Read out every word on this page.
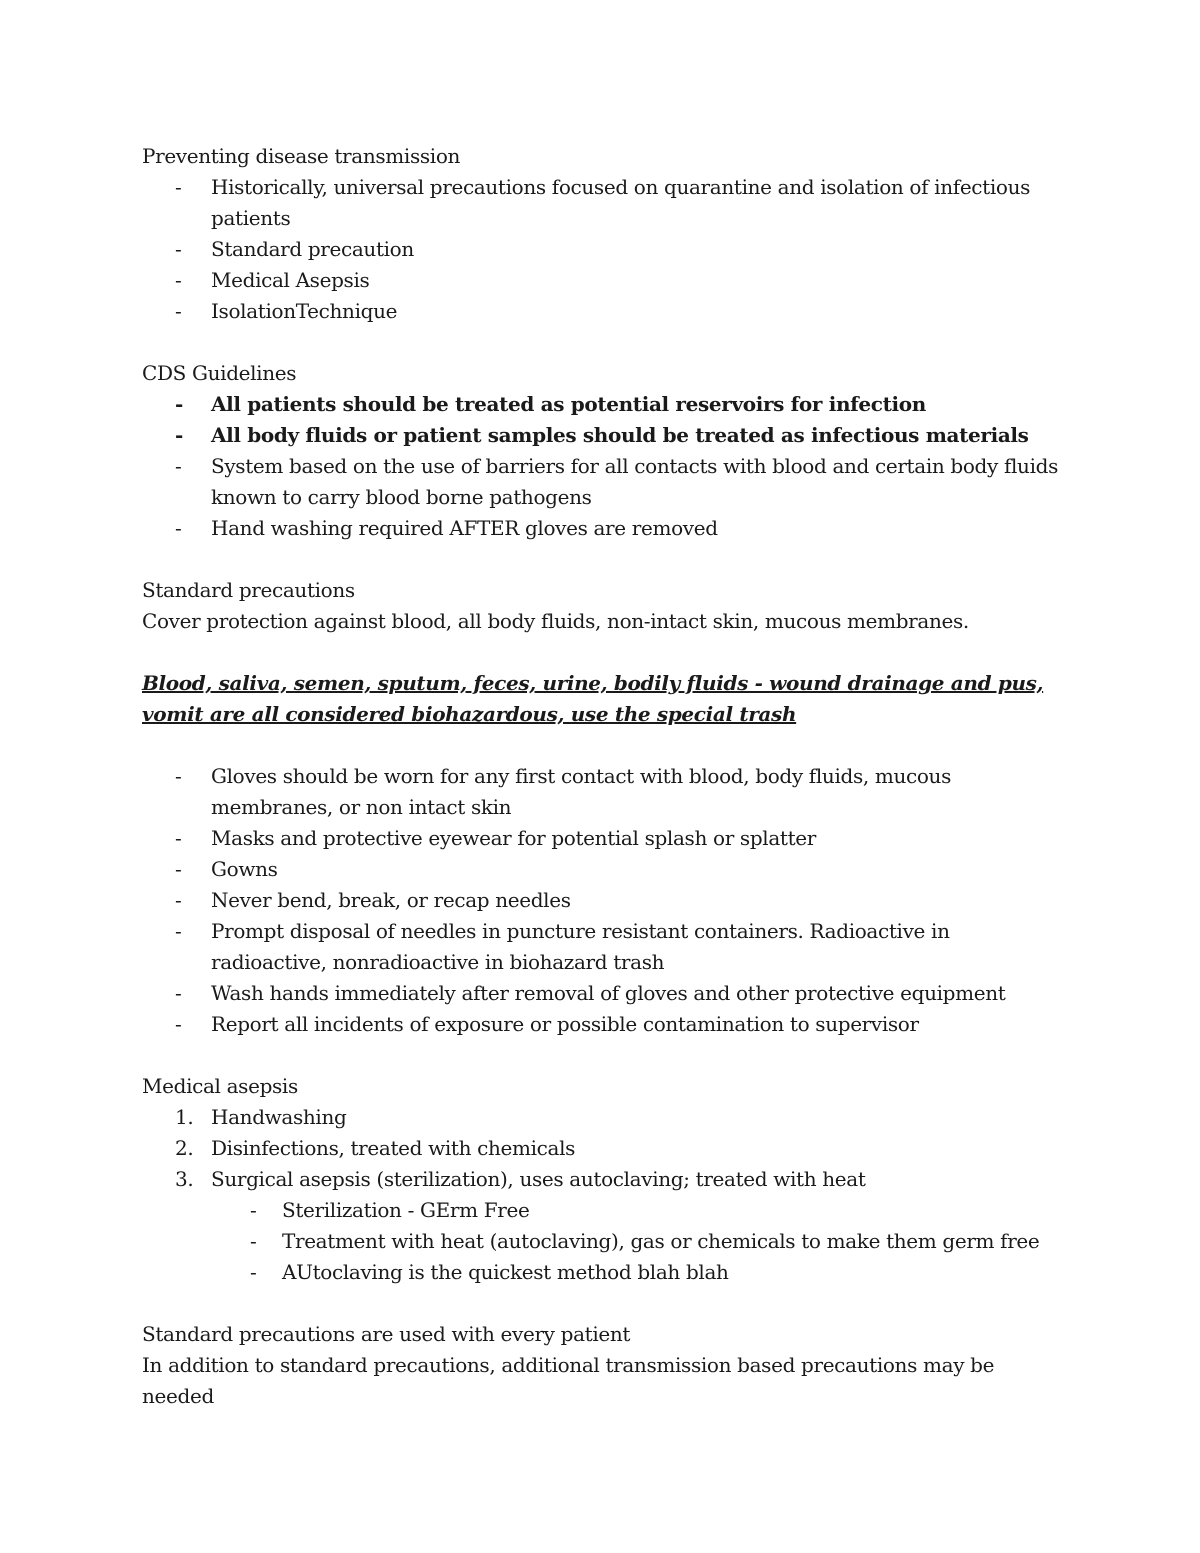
Preventing disease transmission

- Historically, universal precautions focused on quarantine and isolation of infectious patients
- Standard precaution
- Medical Asepsis
- IsolationTechnique

CDS Guidelines

- All patients should be treated as potential reservoirs for infection
- All body fluids or patient samples should be treated as infectious materials
- System based on the use of barriers for all contacts with blood and certain body fluids known to carry blood borne pathogens
- Hand washing required AFTER gloves are removed

Standard precautions

Cover protection against blood, all body fluids, non-intact skin, mucous membranes.

Blood, saliva, semen, sputum, feces, urine, bodily fluids - wound drainage and pus, vomit are all considered biohazardous, use the special trash

- Gloves should be worn for any first contact with blood, body fluids, mucous membranes, or non intact skin
- Masks and protective eyewear for potential splash or splatter
- Gowns
- Never bend, break, or recap needles
- Prompt disposal of needles in puncture resistant containers. Radioactive in radioactive, nonradioactive in biohazard trash
- Wash hands immediately after removal of gloves and other protective equipment
- Report all incidents of exposure or possible contamination to supervisor

Medical asepsis

1. Handwashing
2. Disinfections, treated with chemicals
3. Surgical asepsis (sterilization), uses autoclaving; treated with heat
- Sterilization - GErm Free
- Treatment with heat (autoclaving), gas or chemicals to make them germ free
- AUtoclaving is the quickest method blah blah

Standard precautions are used with every patient

In addition to standard precautions, additional transmission based precautions may be needed
